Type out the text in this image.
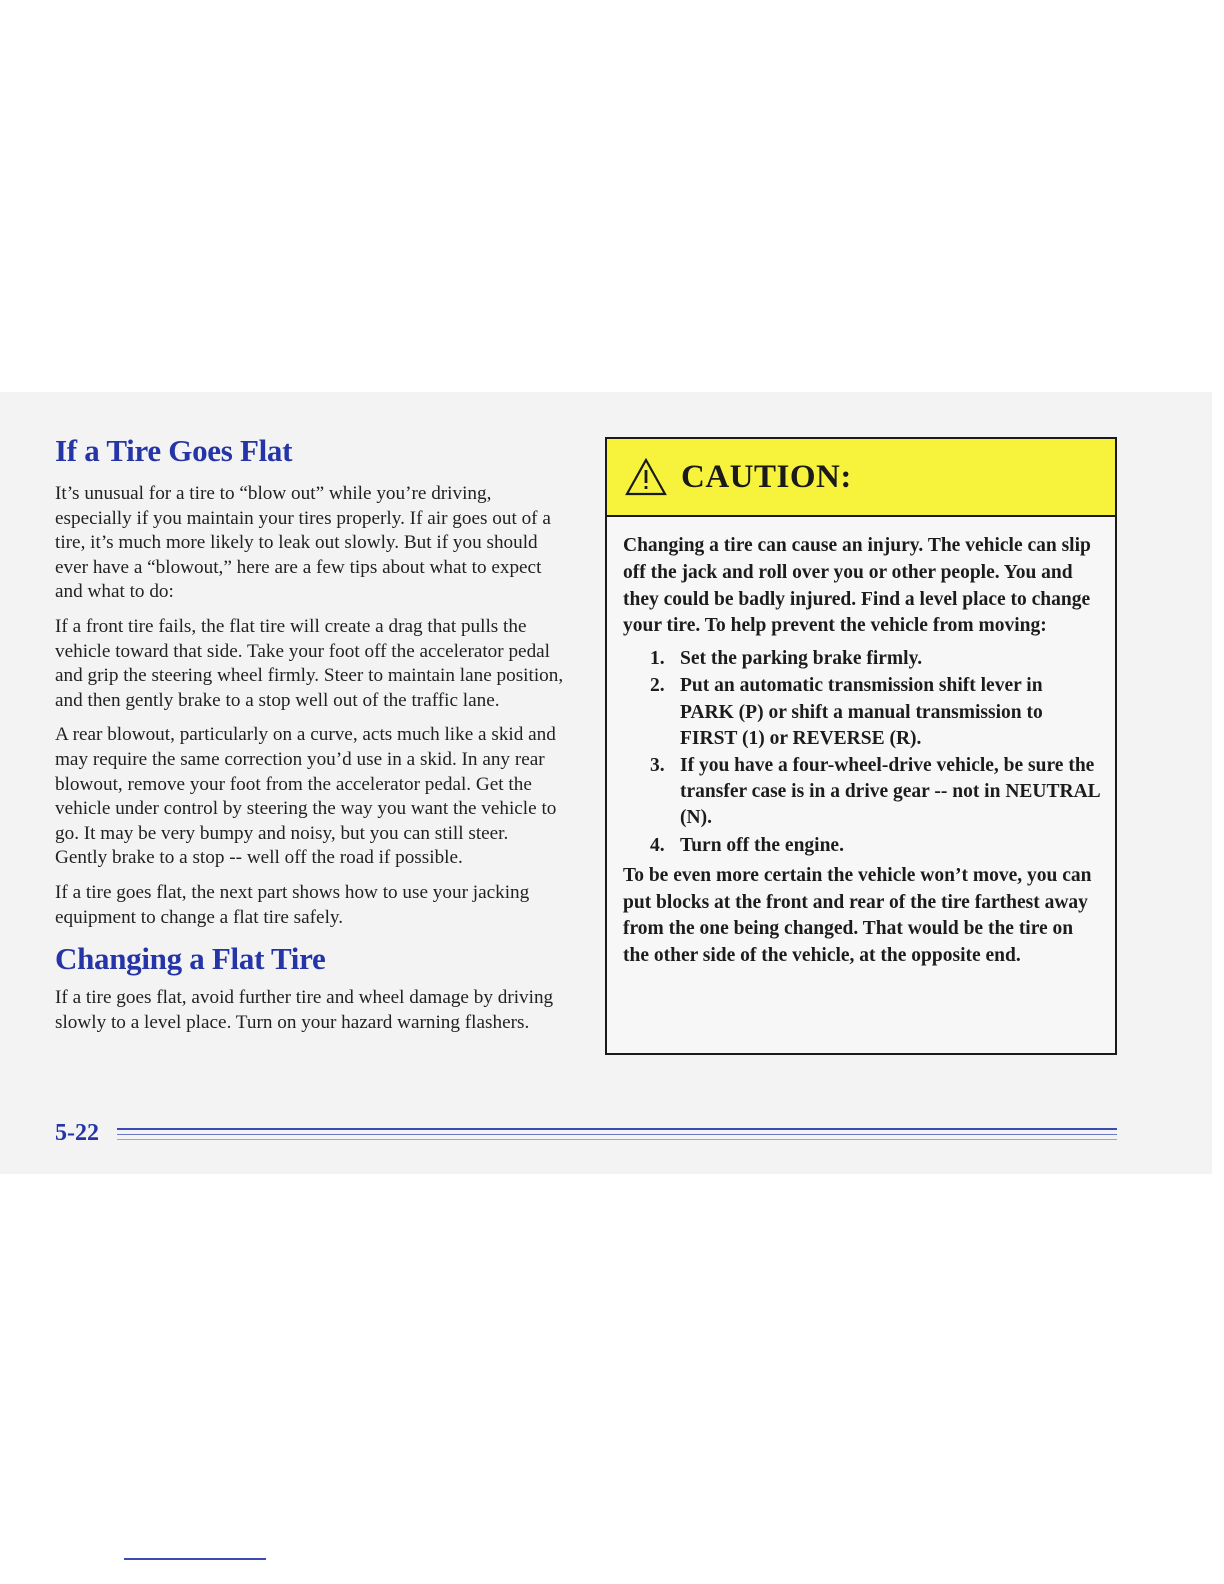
If a Tire Goes Flat

It’s unusual for a tire to “blow out” while you’re driving, especially if you maintain your tires properly. If air goes out of a tire, it’s much more likely to leak out slowly. But if you should ever have a “blowout,” here are a few tips about what to expect and what to do:

If a front tire fails, the flat tire will create a drag that pulls the vehicle toward that side. Take your foot off the accelerator pedal and grip the steering wheel firmly. Steer to maintain lane position, and then gently brake to a stop well out of the traffic lane.

A rear blowout, particularly on a curve, acts much like a skid and may require the same correction you’d use in a skid. In any rear blowout, remove your foot from the accelerator pedal. Get the vehicle under control by steering the way you want the vehicle to go. It may be very bumpy and noisy, but you can still steer. Gently brake to a stop -- well off the road if possible.

If a tire goes flat, the next part shows how to use your jacking equipment to change a flat tire safely.

Changing a Flat Tire

If a tire goes flat, avoid further tire and wheel damage by driving slowly to a level place. Turn on your hazard warning flashers.

CAUTION:

Changing a tire can cause an injury. The vehicle can slip off the jack and roll over you or other people. You and they could be badly injured. Find a level place to change your tire. To help prevent the vehicle from moving:

1. Set the parking brake firmly.
2. Put an automatic transmission shift lever in PARK (P) or shift a manual transmission to FIRST (1) or REVERSE (R).
3. If you have a four-wheel-drive vehicle, be sure the transfer case is in a drive gear -- not in NEUTRAL (N).
4. Turn off the engine.

To be even more certain the vehicle won’t move, you can put blocks at the front and rear of the tire farthest away from the one being changed. That would be the tire on the other side of the vehicle, at the opposite end.

5-22
